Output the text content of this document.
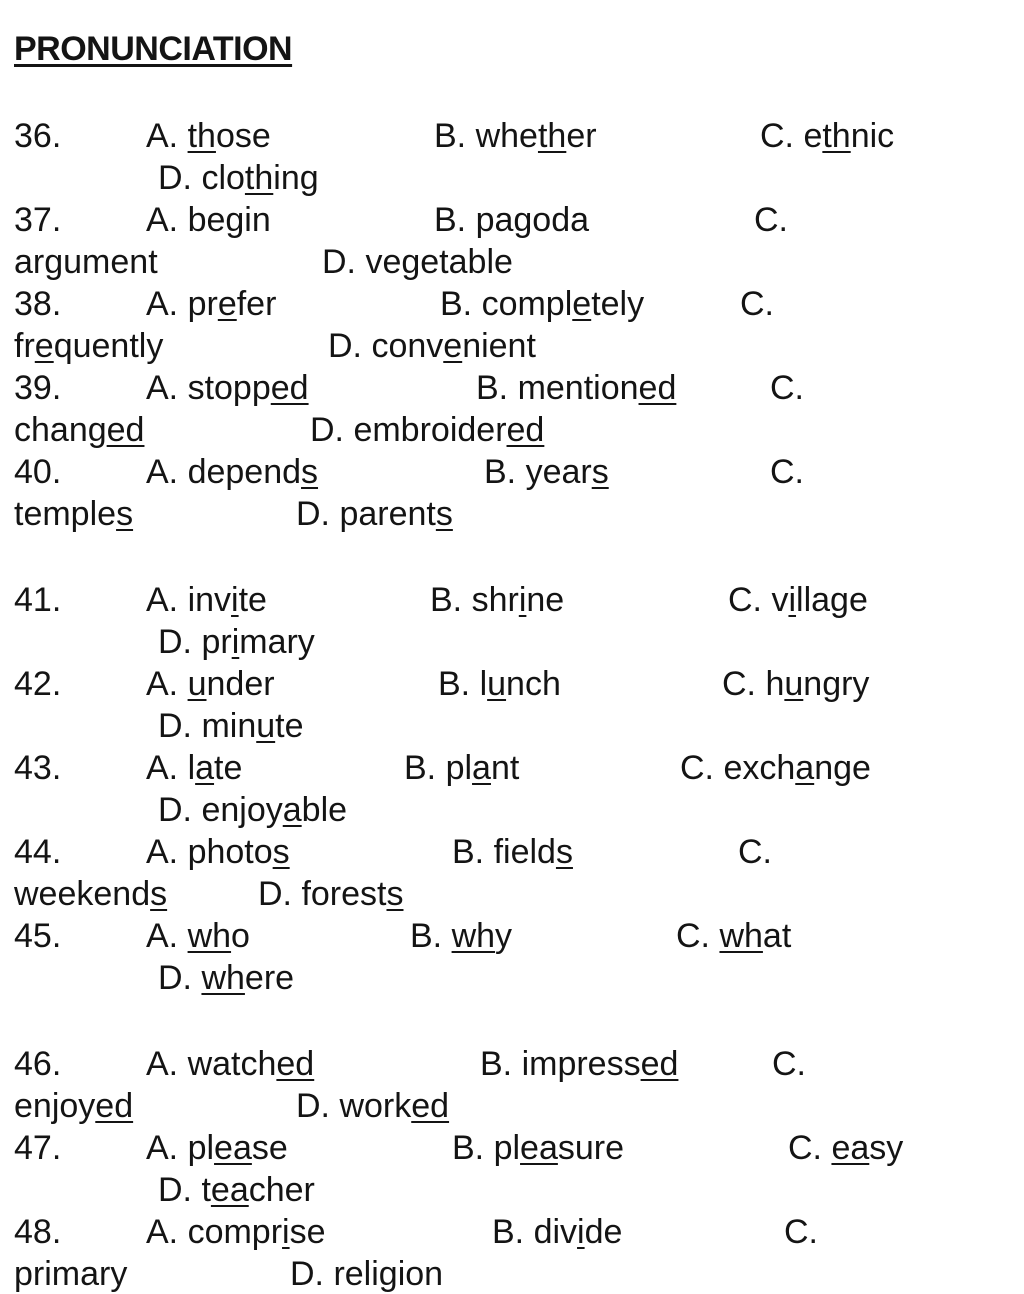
PRONUNCIATION
36. A. those	B. whether	C. ethnic
D. clothing
37. A. begin	B. pagoda	C.
argument	D. vegetable
38. A. prefer	B. completely	C.
frequently	D. convenient
39. A. stopped	B. mentioned	C.
changed	D. embroidered
40. A. depends	B. years	C.
temples	D. parents
41. A. invite	B. shrine	C. village
D. primary
42. A. under	B. lunch	C. hungry
D. minute
43. A. late	B. plant	C. exchange
D. enjoyable
44. A. photos	B. fields	C.
weekends	D. forests
45. A. who	B. why	C. what
D. where
46. A. watched	B. impressed	C.
enjoyed	D. worked
47. A. please	B. pleasure	C. easy
D. teacher
48. A. comprise	B. divide	C.
primary	D. religion
